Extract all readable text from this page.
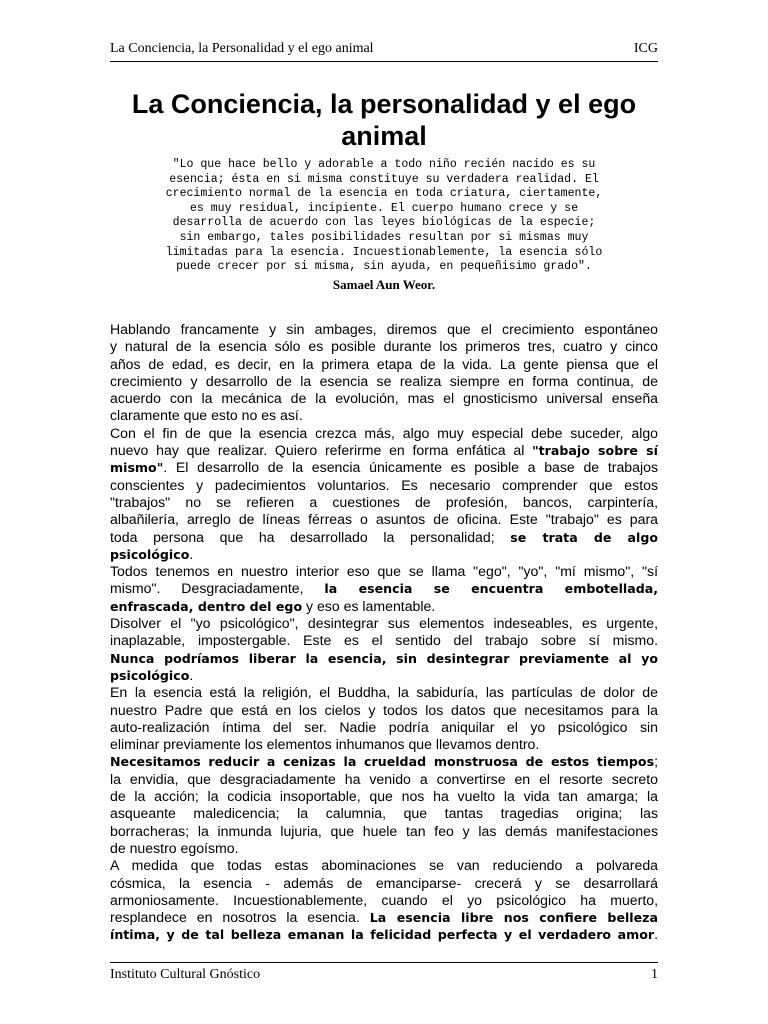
La Conciencia, la Personalidad y el ego animal	ICG
La Conciencia, la personalidad y el ego
animal
"Lo que hace bello y adorable a todo niño recién nacido es su
esencia; ésta en si misma constituye su verdadera realidad. El
crecimiento normal de la esencia en toda criatura, ciertamente,
es muy residual, incipiente. El cuerpo humano crece y se
desarrolla de acuerdo con las leyes biológicas de la especie;
sin embargo, tales posibilidades resultan por si mismas muy
limitadas para la esencia. Incuestionablemente, la esencia sólo
puede crecer por si misma, sin ayuda, en pequeñisimo grado".

Samael Aun Weor.

Hablando francamente y sin ambages, diremos que el crecimiento espontáneo
y natural de la esencia sólo es posible durante los primeros tres, cuatro y cinco
años de edad, es decir, en la primera etapa de la vida. La gente piensa que el
crecimiento y desarrollo de la esencia se realiza siempre en forma continua, de
acuerdo con la mecánica de la evolución, mas el gnosticismo universal enseña
claramente que esto no es así.
Con el fin de que la esencia crezca más, algo muy especial debe suceder, algo
nuevo hay que realizar. Quiero referirme en forma enfática al "trabajo sobre sí
mismo". El desarrollo de la esencia únicamente es posible a base de trabajos
conscientes y padecimientos voluntarios. Es necesario comprender que estos
"trabajos" no se refieren a cuestiones de profesión, bancos, carpintería,
albañilería, arreglo de líneas férreas o asuntos de oficina. Este "trabajo" es para
toda persona que ha desarrollado la personalidad; se trata de algo
psicológico.
Todos tenemos en nuestro interior eso que se llama "ego", "yo", "mí mismo", "sí
mismo". Desgraciadamente, la esencia se encuentra embotellada,
enfrascada, dentro del ego y eso es lamentable.
Disolver el "yo psicológico", desintegrar sus elementos indeseables, es urgente,
inaplazable, impostergable. Este es el sentido del trabajo sobre sí mismo.
Nunca podríamos liberar la esencia, sin desintegrar previamente al yo
psicológico.
En la esencia está la religión, el Buddha, la sabiduría, las partículas de dolor de
nuestro Padre que está en los cielos y todos los datos que necesitamos para la
auto-realización íntima del ser. Nadie podría aniquilar el yo psicológico sin
eliminar previamente los elementos inhumanos que llevamos dentro.
Necesitamos reducir a cenizas la crueldad monstruosa de estos tiempos;
la envidia, que desgraciadamente ha venido a convertirse en el resorte secreto
de la acción; la codicia insoportable, que nos ha vuelto la vida tan amarga; la
asqueante maledicencia; la calumnia, que tantas tragedias origina; las
borracheras; la inmunda lujuria, que huele tan feo y las demás manifestaciones
de nuestro egoísmo.
A medida que todas estas abominaciones se van reduciendo a polvareda
cósmica, la esencia - además de emanciparse- crecerá y se desarrollará
armoniosamente. Incuestionablemente, cuando el yo psicológico ha muerto,
resplandece en nosotros la esencia. La esencia libre nos confiere belleza
íntima, y de tal belleza emanan la felicidad perfecta y el verdadero amor.
Instituto Cultural Gnóstico	1
